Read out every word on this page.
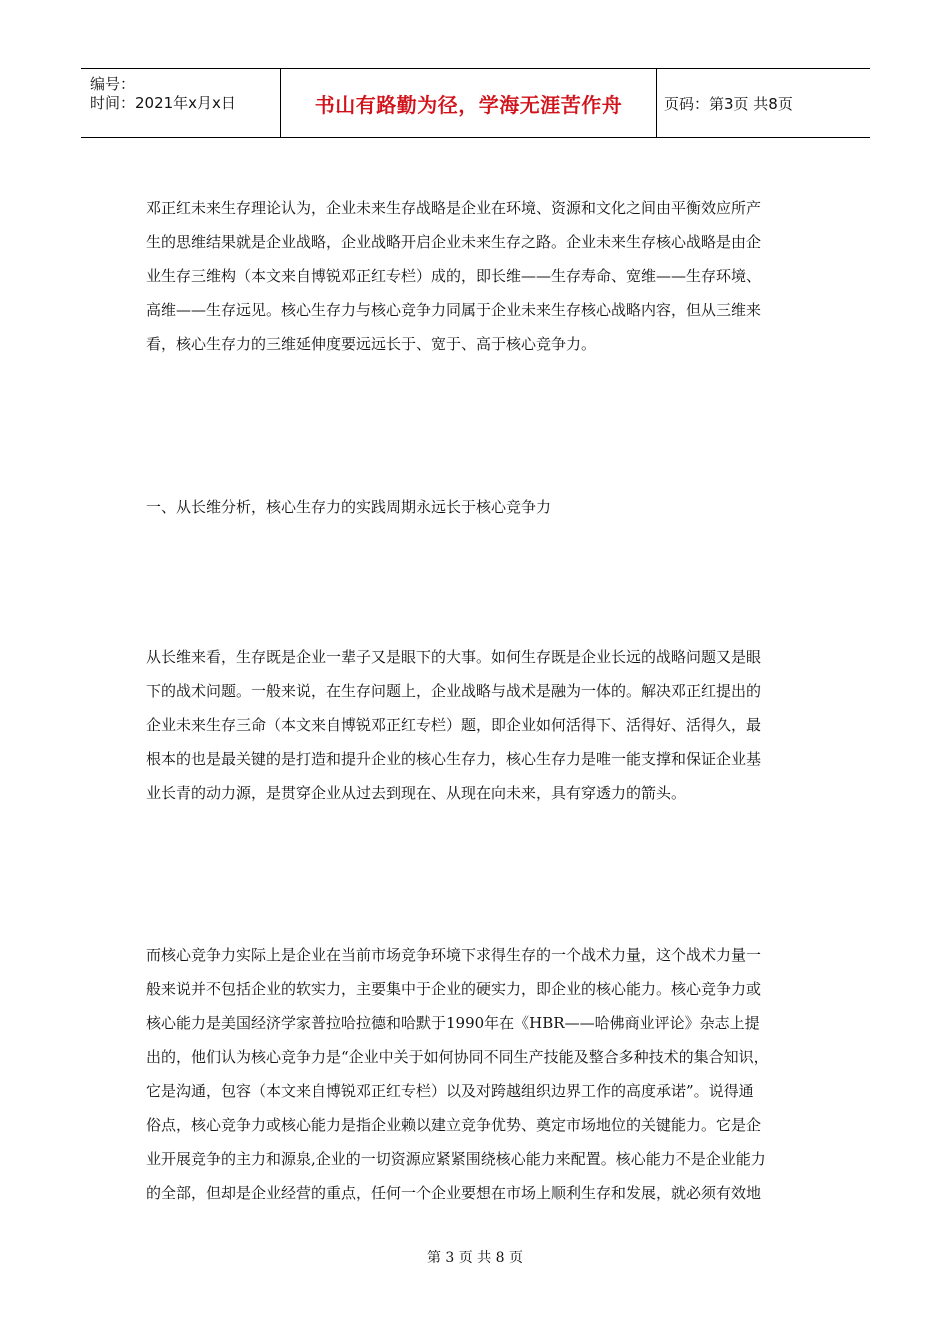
编号：
时间：2021年x月x日	书山有路勤为径，学海无涯苦作舟	页码：第3页 共8页
邓正红未来生存理论认为，企业未来生存战略是企业在环境、资源和文化之间由平衡效应所产
生的思维结果就是企业战略，企业战略开启企业未来生存之路。企业未来生存核心战略是由企
业生存三维构（本文来自博锐邓正红专栏）成的，即长维——生存寿命、宽维——生存环境、
高维——生存远见。核心生存力与核心竞争力同属于企业未来生存核心战略内容，但从三维来
看，核心生存力的三维延伸度要远远长于、宽于、高于核心竞争力。
一、从长维分析，核心生存力的实践周期永远长于核心竞争力
从长维来看，生存既是企业一辈子又是眼下的大事。如何生存既是企业长远的战略问题又是眼
下的战术问题。一般来说，在生存问题上，企业战略与战术是融为一体的。解决邓正红提出的
企业未来生存三命（本文来自博锐邓正红专栏）题，即企业如何活得下、活得好、活得久，最
根本的也是最关键的是打造和提升企业的核心生存力，核心生存力是唯一能支撑和保证企业基
业长青的动力源，是贯穿企业从过去到现在、从现在向未来，具有穿透力的箭头。
而核心竞争力实际上是企业在当前市场竞争环境下求得生存的一个战术力量，这个战术力量一
般来说并不包括企业的软实力，主要集中于企业的硬实力，即企业的核心能力。核心竞争力或
核心能力是美国经济学家普拉哈拉德和哈默于1990年在《HBR——哈佛商业评论》杂志上提
出的，他们认为核心竞争力是“企业中关于如何协同不同生产技能及整合多种技术的集合知识，
它是沟通，包容（本文来自博锐邓正红专栏）以及对跨越组织边界工作的高度承诺”。说得通
俗点，核心竞争力或核心能力是指企业赖以建立竞争优势、奠定市场地位的关键能力。它是企
业开展竞争的主力和源泉,企业的一切资源应紧紧围绕核心能力来配置。核心能力不是企业能力
的全部，但却是企业经营的重点，任何一个企业要想在市场上顺利生存和发展，就必须有效地
第 3 页 共 8 页
